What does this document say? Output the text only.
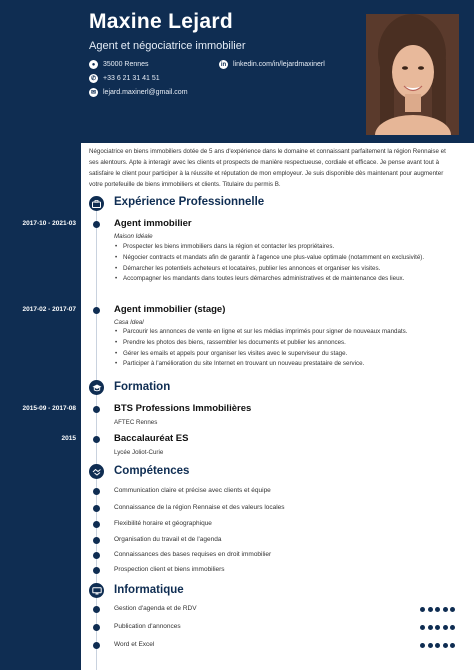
Maxine Lejard
Agent et négociatrice immobilier
●	35000 Rennes
✆ +33 6 21 31 41 51
✉ lejard.maxinerl@gmail.com
in linkedin.com/in/lejardmaxinerl
Négociatrice en biens immobiliers dotée de 5 ans d'expérience dans le domaine et connaissant parfaitement la région Rennaise et ses alentours. Apte à interagir avec les clients et prospects de manière respectueuse, cordiale et efficace. Je pense avant tout à satisfaire le client pour participer à la réussite et réputation de mon employeur. Je suis disponible dès maintenant pour augmenter votre portefeuille de biens immobiliers et clients. Titulaire du permis B.
Expérience Professionnelle
2017-10 - 2021-03	Agent immobilier
Maison Idéale
• Prospecter les biens immobiliers dans la région et contacter les propriétaires.
• Négocier contracts et mandats afin de garantir à l'agence une plus-value optimale (notamment en exclusivité).
• Démarcher les potentiels acheteurs et locataires, publier les annonces et organiser les visites.
• Accompagner les mandants dans toutes leurs démarches administratives et de maintenance des lieux.
2017-02 - 2017-07	Agent immobilier (stage)
Casa Ideal
• Parcourir les annonces de vente en ligne et sur les médias imprimés pour signer de nouveaux mandats.
• Prendre les photos des biens, rassembler les documents et publier les annonces.
• Gérer les emails et appels pour organiser les visites avec le superviseur du stage.
• Participer à l'amélioration du site Internet en trouvant un nouveau prestataire de service.
Formation
2015-09 - 2017-08	BTS Professions Immobilières
AFTEC Rennes
2015	Baccalauréat ES
Lycée Joliot-Curie
Compétences
Communication claire et précise avec clients et équipe
Connaissance de la région Rennaise et des valeurs locales
Flexibilité horaire et géographique
Organisation du travail et de l'agenda
Connaissances des bases requises en droit immobilier
Prospection client et biens immobiliers
Informatique
Gestion d'agenda et de RDV
Publication d'annonces
Word et Excel
